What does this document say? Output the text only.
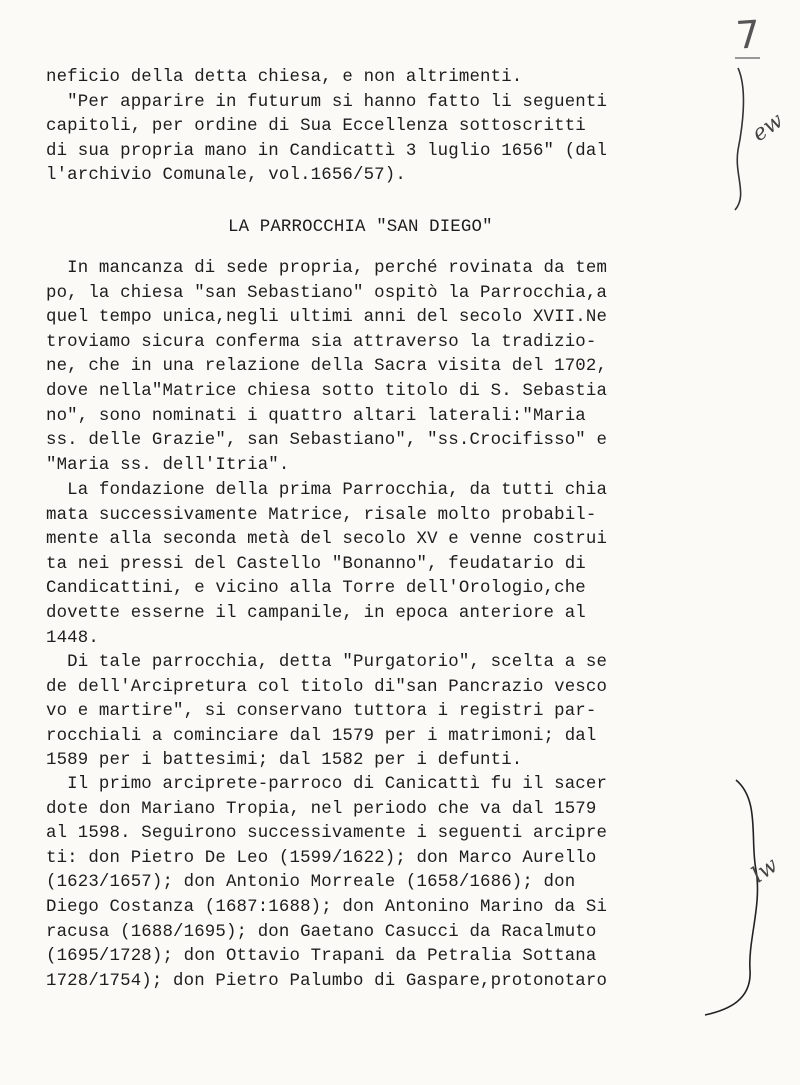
7
neficio della detta chiesa, e non altrimenti.
"Per apparire in futurum si hanno fatto li seguenti
capitoli, per ordine di Sua Eccellenza sottoscritti
di sua propria mano in Candicattì 3 luglio 1656" (dal
l'archivio Comunale, vol.1656/57).
LA PARROCCHIA "SAN DIEGO"
In mancanza di sede propria, perché rovinata da tem
po, la chiesa "san Sebastiano" ospitò la Parrocchia,a
quel tempo unica,negli ultimi anni del secolo XVII.Ne
troviamo sicura conferma sia attraverso la tradizio-
ne, che in una relazione della Sacra visita del 1702,
dove nella"Matrice chiesa sotto titolo di S. Sebastia
no", sono nominati i quattro altari laterali:"Maria
ss. delle Grazie", san Sebastiano", "ss.Crocifisso" e
"Maria ss. dell'Itria".
La fondazione della prima Parrocchia, da tutti chia
mata successivamente Matrice, risale molto probabil-
mente alla seconda metà del secolo XV e venne costrui
ta nei pressi del Castello "Bonanno", feudatario di
Candicattini, e vicino alla Torre dell'Orologio,che
dovette esserne il campanile, in epoca anteriore al
1448.
Di tale parrocchia, detta "Purgatorio", scelta a se
de dell'Arcipretura col titolo di"san Pancrazio vesco
vo e martire", si conservano tuttora i registri par-
rocchiali a cominciare dal 1579 per i matrimoni; dal
1589 per i battesimi; dal 1582 per i defunti.
Il primo arciprete-parroco di Canicattì fu il sacer
dote don Mariano Tropia, nel periodo che va dal 1579
al 1598. Seguirono successivamente i seguenti arcipre
ti: don Pietro De Leo (1599/1622); don Marco Aurello
(1623/1657); don Antonio Morreale (1658/1686); don
Diego Costanza (1687:1688); don Antonino Marino da Si
racusa (1688/1695); don Gaetano Casucci da Racalmuto
(1695/1728); don Ottavio Trapani da Petralia Sottana
1728/1754); don Pietro Palumbo di Gaspare,protonotaro
ew
lw
